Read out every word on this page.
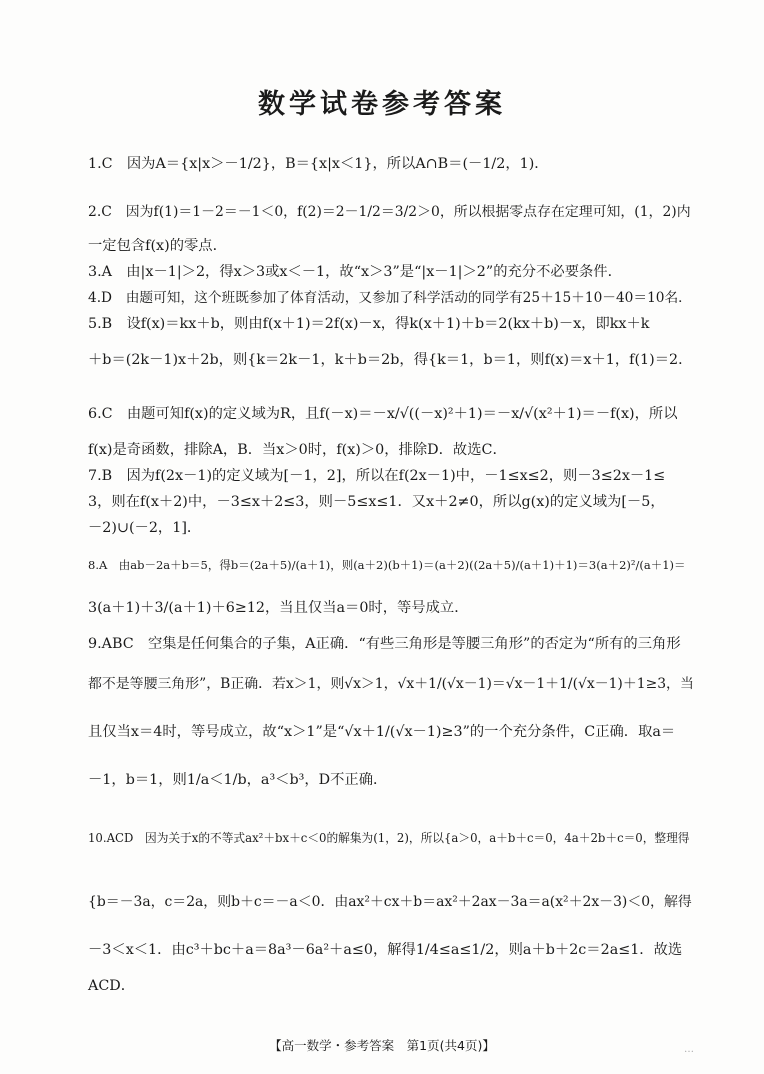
数学试卷参考答案
1.C　因为A＝{x|x＞－1/2}，B＝{x|x＜1}，所以A∩B＝(－1/2，1)．
2.C　因为f(1)＝1－2＝－1＜0，f(2)＝2－1/2＝3/2＞0，所以根据零点存在定理可知，(1，2)内
一定包含f(x)的零点．
3.A　由|x－1|＞2，得x＞3或x＜－1，故“x＞3”是“|x－1|＞2”的充分不必要条件．
4.D　由题可知，这个班既参加了体育活动，又参加了科学活动的同学有25＋15＋10－40＝10名．
5.B　设f(x)＝kx＋b，则由f(x＋1)＝2f(x)－x，得k(x＋1)＋b＝2(kx＋b)－x，即kx＋k
＋b＝(2k－1)x＋2b，则{k＝2k－1，k＋b＝2b，得{k＝1，b＝1，则f(x)＝x＋1，f(1)＝2．
6.C　由题可知f(x)的定义域为R，且f(－x)＝－x/√((－x)²＋1)＝－x/√(x²＋1)＝－f(x)，所以
f(x)是奇函数，排除A，B．当x＞0时，f(x)＞0，排除D．故选C．
7.B　因为f(2x－1)的定义域为[－1，2]，所以在f(2x－1)中，－1≤x≤2，则－3≤2x－1≤
3，则在f(x＋2)中，－3≤x＋2≤3，则－5≤x≤1．又x＋2≠0，所以g(x)的定义域为[－5，
－2)∪(－2，1]．
8.A　由ab－2a＋b＝5，得b＝(2a＋5)/(a＋1)，则(a＋2)(b＋1)＝(a＋2)((2a＋5)/(a＋1)＋1)＝3(a＋2)²/(a＋1)＝
3(a＋1)＋3/(a＋1)＋6≥12，当且仅当a＝0时，等号成立．
9.ABC　空集是任何集合的子集，A正确．“有些三角形是等腰三角形”的否定为“所有的三角形
都不是等腰三角形”，B正确．若x＞1，则√x＞1，√x＋1/(√x－1)＝√x－1＋1/(√x－1)＋1≥3，当
且仅当x＝4时，等号成立，故“x＞1”是“√x＋1/(√x－1)≥3”的一个充分条件，C正确．取a＝
－1，b＝1，则1/a＜1/b，a³＜b³，D不正确．
10.ACD　因为关于x的不等式ax²＋bx＋c＜0的解集为(1，2)，所以{a＞0，a＋b＋c＝0，4a＋2b＋c＝0，整理得
{b＝－3a，c＝2a，则b＋c＝－a＜0．由ax²＋cx＋b＝ax²＋2ax－3a＝a(x²＋2x－3)＜0，解得
－3＜x＜1．由c³＋bc＋a＝8a³－6a²＋a≤0，解得1/4≤a≤1/2，则a＋b＋2c＝2a≤1．故选
ACD．
【高一数学・参考答案　第1页(共4页)】	…
